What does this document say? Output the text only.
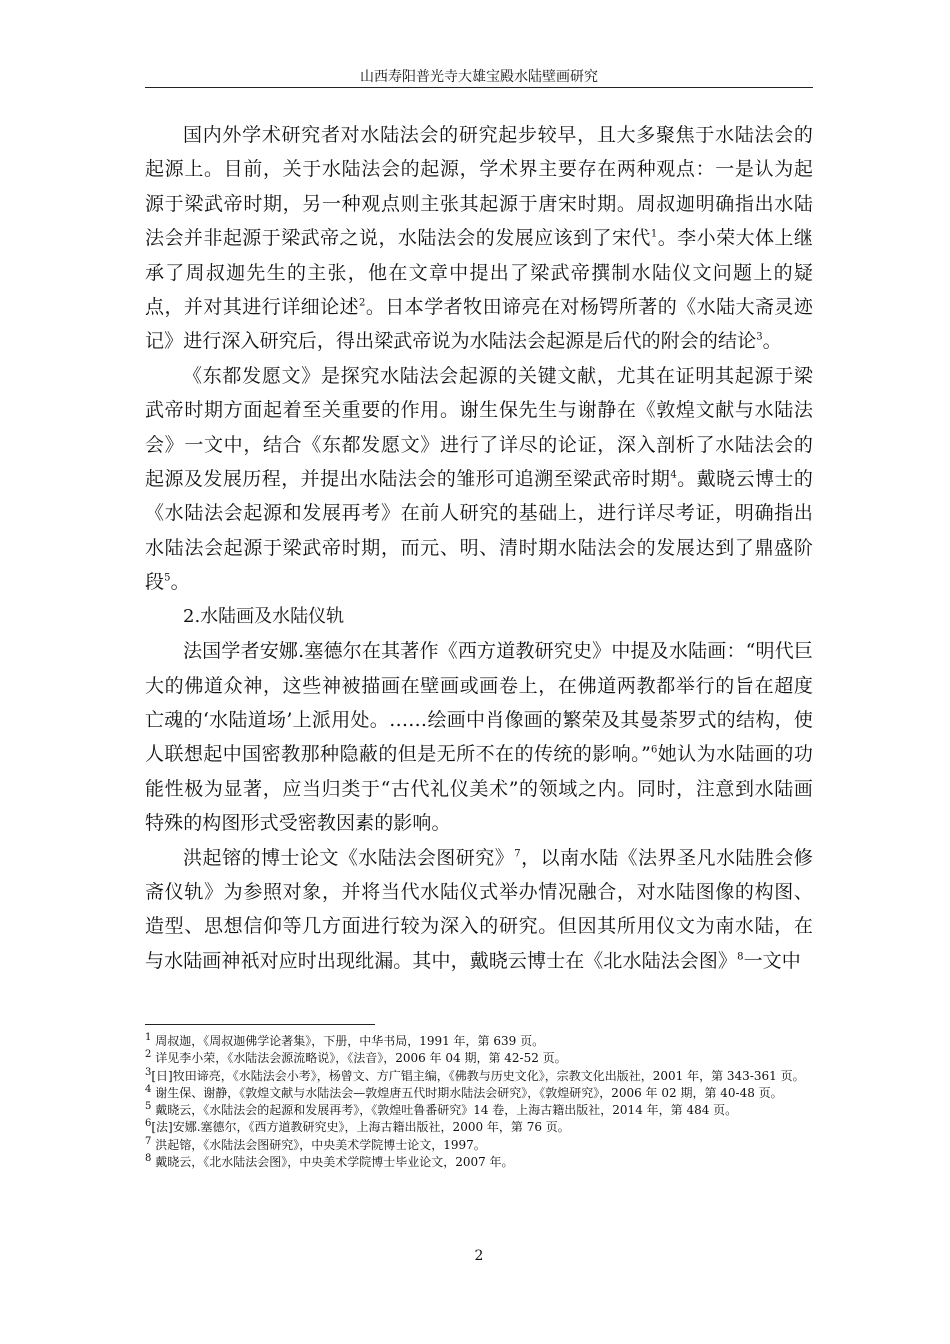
山西寿阳普光寺大雄宝殿水陆壁画研究

国内外学术研究者对水陆法会的研究起步较早，且大多聚焦于水陆法会的起源上。目前，关于水陆法会的起源，学术界主要存在两种观点：一是认为起源于梁武帝时期，另一种观点则主张其起源于唐宋时期。周叔迦明确指出水陆法会并非起源于梁武帝之说，水陆法会的发展应该到了宋代$^1$。李小荣大体上继承了周叔迦先生的主张，他在文章中提出了梁武帝撰制水陆仪文问题上的疑点，并对其进行详细论述$^2$。日本学者牧田谛亮在对杨锷所著的《水陆大斋灵迹记》进行深入研究后，得出梁武帝说为水陆法会起源是后代的附会的结论$^3$。

《东都发愿文》是探究水陆法会起源的关键文献，尤其在证明其起源于梁武帝时期方面起着至关重要的作用。谢生保先生与谢静在《敦煌文献与水陆法会》一文中，结合《东都发愿文》进行了详尽的论证，深入剖析了水陆法会的起源及发展历程，并提出水陆法会的雏形可追溯至梁武帝时期$^4$。戴晓云博士的《水陆法会起源和发展再考》在前人研究的基础上，进行详尽考证，明确指出水陆法会起源于梁武帝时期，而元、明、清时期水陆法会的发展达到了鼎盛阶段$^5$。

2.水陆画及水陆仪轨

法国学者安娜.塞德尔在其著作《西方道教研究史》中提及水陆画：“明代巨大的佛道众神，这些神被描画在壁画或画卷上，在佛道两教都举行的旨在超度亡魂的‘水陆道场’上派用处。……绘画中肖像画的繁荣及其曼荼罗式的结构，使人联想起中国密教那种隐蔽的但是无所不在的传统的影响。”$^6$她认为水陆画的功能性极为显著，应当归类于“古代礼仪美术”的领域之内。同时，注意到水陆画特殊的构图形式受密教因素的影响。

洪起镕的博士论文《水陆法会图研究》$^7$，以南水陆《法界圣凡水陆胜会修斋仪轨》为参照对象，并将当代水陆仪式举办情况融合，对水陆图像的构图、造型、思想信仰等几方面进行较为深入的研究。但因其所用仪文为南水陆，在与水陆画神祇对应时出现纰漏。其中，戴晓云博士在《北水陆法会图》$^8$一文中

$^1$ 周叔迦，《周叔迦佛学论著集》，下册，中华书局，1991 年，第 639 页。

$^2$ 详见李小荣，《水陆法会源流略说》，《法音》，2006 年 04 期，第 42-52 页。

$^3$[日]牧田谛亮，《水陆法会小考》，杨曾文、方广锠主编，《佛教与历史文化》，宗教文化出版社，2001 年，第 343-361 页。

$^4$ 谢生保、谢静，《敦煌文献与水陆法会—敦煌唐五代时期水陆法会研究》，《敦煌研究》，2006 年 02 期，第 40-48 页。

$^5$ 戴晓云，《水陆法会的起源和发展再考》，《敦煌吐鲁番研究》14 卷，上海古籍出版社，2014 年，第 484 页。

$^6$[法]安娜.塞德尔，《西方道教研究史》，上海古籍出版社，2000 年，第 76 页。

$^7$ 洪起镕，《水陆法会图研究》，中央美术学院博士论文，1997。

$^8$ 戴晓云，《北水陆法会图》，中央美术学院博士毕业论文，2007 年。

2
